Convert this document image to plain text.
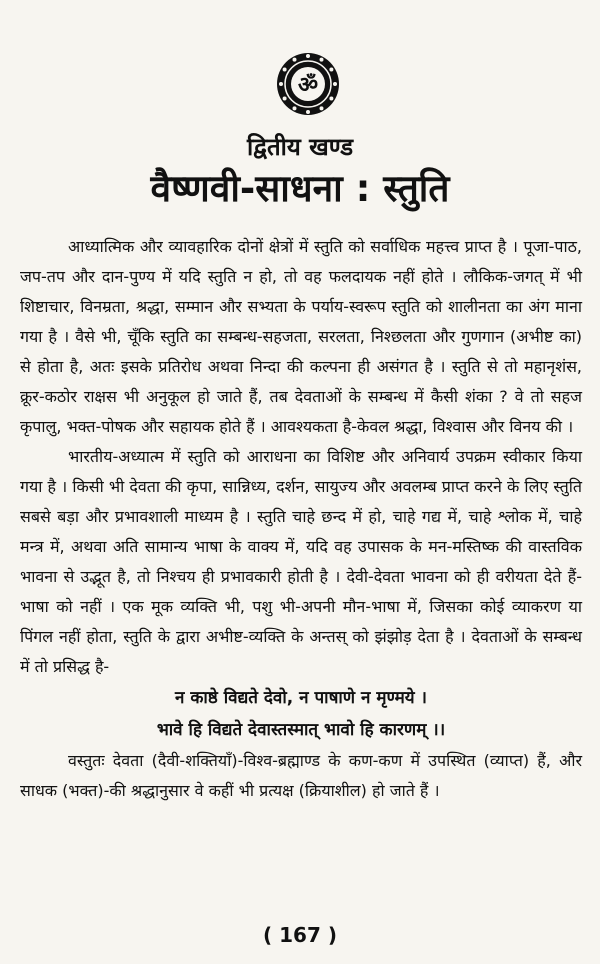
ॐ
द्वितीय खण्ड
वैष्णवी-साधना : स्तुति

आध्यात्मिक और व्यावहारिक दोनों क्षेत्रों में स्तुति को सर्वाधिक महत्त्व प्राप्त है । पूजा-पाठ, जप-तप और दान-पुण्य में यदि स्तुति न हो, तो वह फलदायक नहीं होते । लौकिक-जगत् में भी शिष्टाचार, विनम्रता, श्रद्धा, सम्मान और सभ्यता के पर्याय-स्वरूप स्तुति को शालीनता का अंग माना गया है । वैसे भी, चूँकि स्तुति का सम्बन्ध-सहजता, सरलता, निश्छलता और गुणगान (अभीष्ट का) से होता है, अतः इसके प्रतिरोध अथवा निन्दा की कल्पना ही असंगत है । स्तुति से तो महानृशंस, क्रूर-कठोर राक्षस भी अनुकूल हो जाते हैं, तब देवताओं के सम्बन्ध में कैसी शंका ? वे तो सहज कृपालु, भक्त-पोषक और सहायक होते हैं । आवश्यकता है-केवल श्रद्धा, विश्वास और विनय की ।

भारतीय-अध्यात्म में स्तुति को आराधना का विशिष्ट और अनिवार्य उपक्रम स्वीकार किया गया है । किसी भी देवता की कृपा, सान्निध्य, दर्शन, सायुज्य और अवलम्ब प्राप्त करने के लिए स्तुति सबसे बड़ा और प्रभावशाली माध्यम है । स्तुति चाहे छन्द में हो, चाहे गद्य में, चाहे श्लोक में, चाहे मन्त्र में, अथवा अति सामान्य भाषा के वाक्य में, यदि वह उपासक के मन-मस्तिष्क की वास्तविक भावना से उद्भूत है, तो निश्चय ही प्रभावकारी होती है । देवी-देवता भावना को ही वरीयता देते हैं-भाषा को नहीं । एक मूक व्यक्ति भी, पशु भी-अपनी मौन-भाषा में, जिसका कोई व्याकरण या पिंगल नहीं होता, स्तुति के द्वारा अभीष्ट-व्यक्ति के अन्तस् को झंझोड़ देता है । देवताओं के सम्बन्ध में तो प्रसिद्ध है-

न काष्ठे विद्यते देवो, न पाषाणे न मृण्मये ।
भावे हि विद्यते देवास्तस्मात् भावो हि कारणम् ।।

वस्तुतः देवता (दैवी-शक्तियाँ)-विश्व-ब्रह्माण्ड के कण-कण में उपस्थित (व्याप्त) हैं, और साधक (भक्त)-की श्रद्धानुसार वे कहीं भी प्रत्यक्ष (क्रियाशील) हो जाते हैं ।

( 167 )
